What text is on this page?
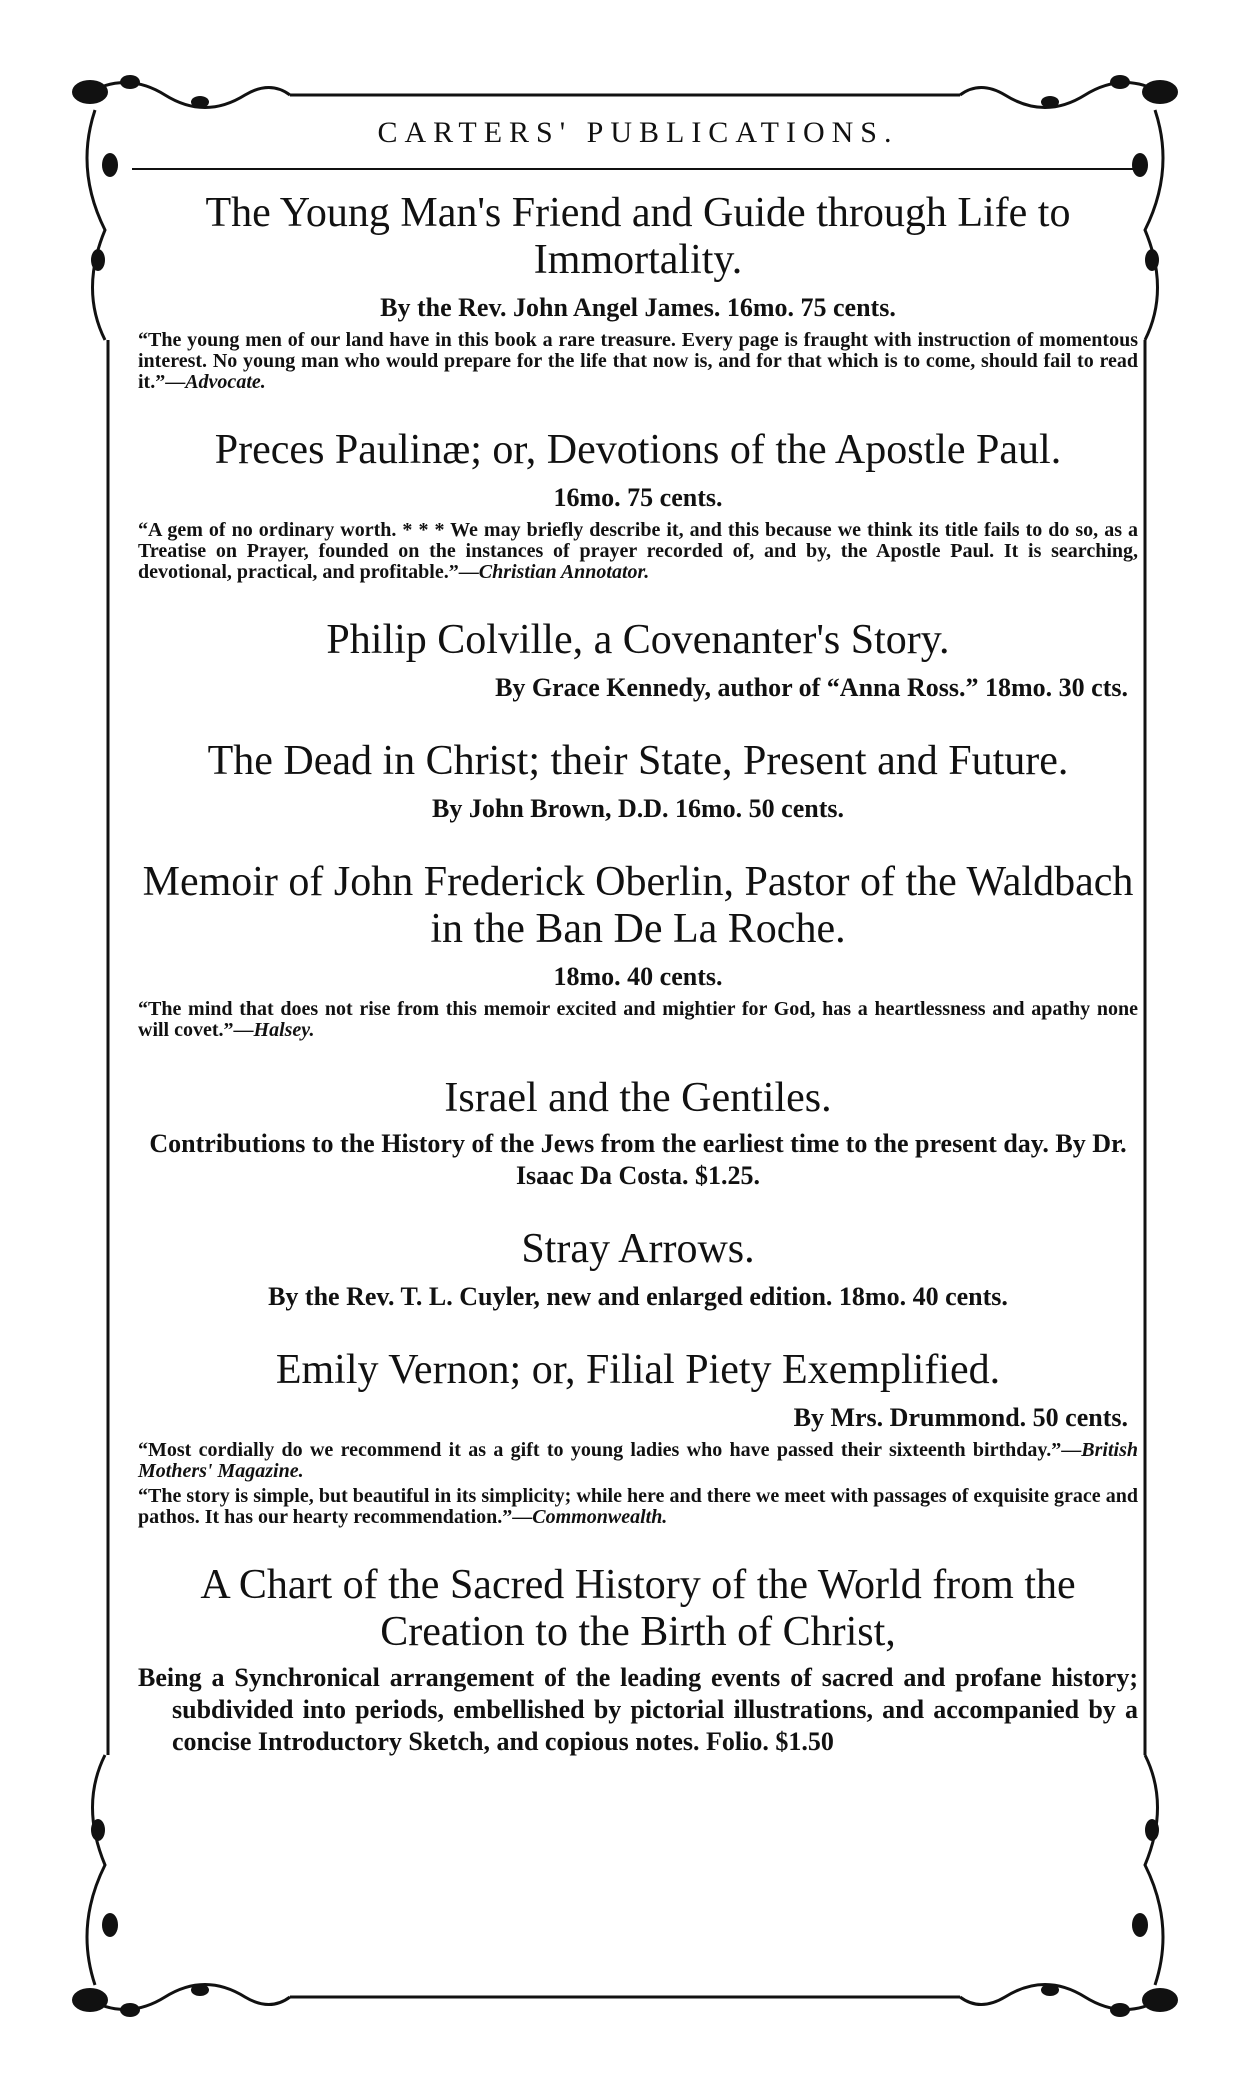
CARTERS' PUBLICATIONS.

The Young Man's Friend and Guide through Life to Immortality.

By the Rev. John Angel James. 16mo. 75 cents.

“The young men of our land have in this book a rare treasure. Every page is fraught with instruction of momentous interest. No young man who would prepare for the life that now is, and for that which is to come, should fail to read it.”—Advocate.

Preces Paulinæ; or, Devotions of the Apostle Paul.

16mo. 75 cents.

“A gem of no ordinary worth. * * * We may briefly describe it, and this because we think its title fails to do so, as a Treatise on Prayer, founded on the instances of prayer recorded of, and by, the Apostle Paul. It is searching, devotional, practical, and profitable.”—Christian Annotator.

Philip Colville, a Covenanter's Story.

By Grace Kennedy, author of “Anna Ross.” 18mo. 30 cts.

The Dead in Christ; their State, Present and Future.

By John Brown, D.D. 16mo. 50 cents.

Memoir of John Frederick Oberlin, Pastor of the Waldbach in the Ban De La Roche.

18mo. 40 cents.

“The mind that does not rise from this memoir excited and mightier for God, has a heartlessness and apathy none will covet.”—Halsey.

Israel and the Gentiles.

Contributions to the History of the Jews from the earliest time to the present day. By Dr. Isaac Da Costa. $1.25.

Stray Arrows.

By the Rev. T. L. Cuyler, new and enlarged edition. 18mo. 40 cents.

Emily Vernon; or, Filial Piety Exemplified.

By Mrs. Drummond. 50 cents.

“Most cordially do we recommend it as a gift to young ladies who have passed their sixteenth birthday.”—British Mothers' Magazine.

“The story is simple, but beautiful in its simplicity; while here and there we meet with passages of exquisite grace and pathos. It has our hearty recommendation.”—Commonwealth.

A Chart of the Sacred History of the World from the Creation to the Birth of Christ,

Being a Synchronical arrangement of the leading events of sacred and profane history; subdivided into periods, embellished by pictorial illustrations, and accompanied by a concise Introductory Sketch, and copious notes. Folio. $1.50
